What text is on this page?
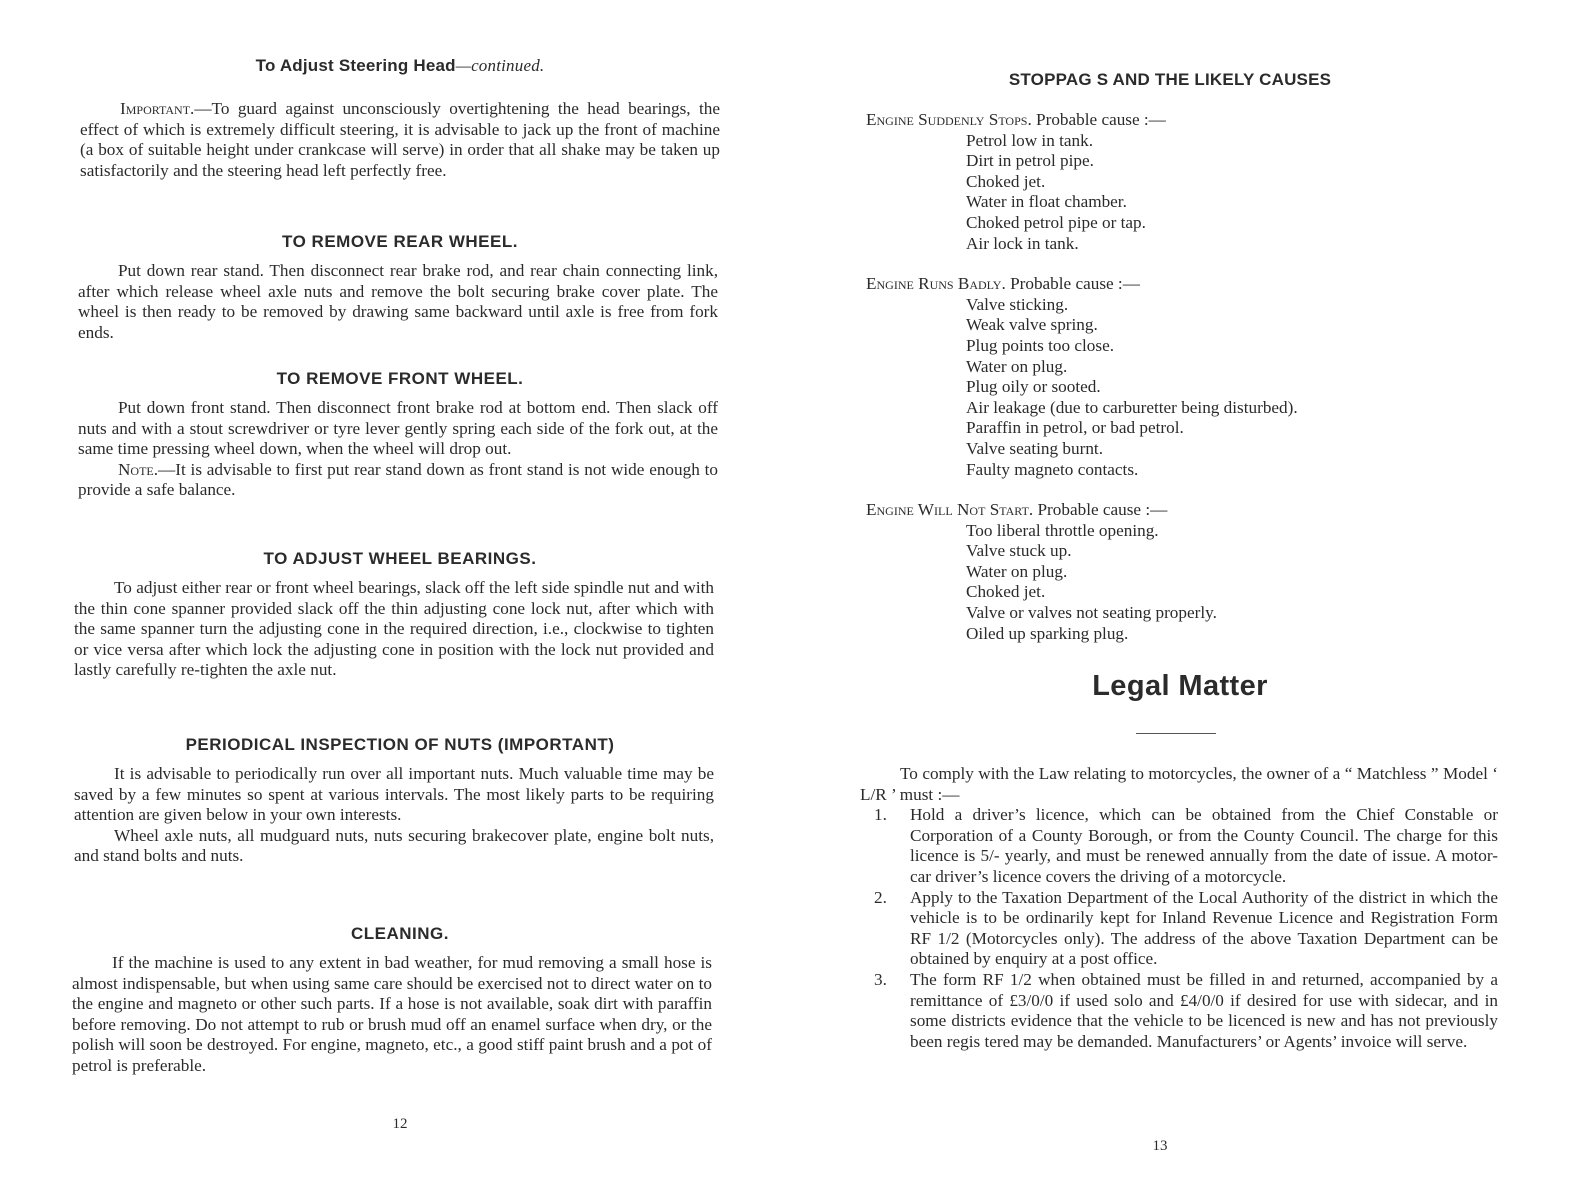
To Adjust Steering Head—continued.

Important.—To guard against unconsciously overtightening the head bearings, the effect of which is extremely difficult steering, it is advisable to jack up the front of machine (a box of suitable height under crankcase will serve) in order that all shake may be taken up satisfactorily and the steering head left perfectly free.

TO REMOVE REAR WHEEL.

Put down rear stand. Then disconnect rear brake rod, and rear chain connecting link, after which release wheel axle nuts and remove the bolt securing brake cover plate. The wheel is then ready to be removed by drawing same backward until axle is free from fork ends.

TO REMOVE FRONT WHEEL.

Put down front stand. Then disconnect front brake rod at bottom end. Then slack off nuts and with a stout screwdriver or tyre lever gently spring each side of the fork out, at the same time pressing wheel down, when the wheel will drop out.

Note.—It is advisable to first put rear stand down as front stand is not wide enough to provide a safe balance.

TO ADJUST WHEEL BEARINGS.

To adjust either rear or front wheel bearings, slack off the left side spindle nut and with the thin cone spanner provided slack off the thin adjusting cone lock nut, after which with the same spanner turn the adjusting cone in the required direction, i.e., clockwise to tighten or vice versa after which lock the adjusting cone in position with the lock nut provided and lastly carefully re-tighten the axle nut.

PERIODICAL INSPECTION OF NUTS (IMPORTANT)

It is advisable to periodically run over all important nuts. Much valuable time may be saved by a few minutes so spent at various intervals. The most likely parts to be requiring attention are given below in your own interests.

Wheel axle nuts, all mudguard nuts, nuts securing brakecover plate, engine bolt nuts, and stand bolts and nuts.

CLEANING.

If the machine is used to any extent in bad weather, for mud removing a small hose is almost indispensable, but when using same care should be exercised not to direct water on to the engine and magneto or other such parts. If a hose is not available, soak dirt with paraffin before removing. Do not attempt to rub or brush mud off an enamel surface when dry, or the polish will soon be destroyed. For engine, magneto, etc., a good stiff paint brush and a pot of petrol is preferable.

12
STOPPAG S AND THE LIKELY CAUSES
Engine Suddenly Stops. Probable cause :—
Petrol low in tank.
Dirt in petrol pipe.
Choked jet.
Water in float chamber.
Choked petrol pipe or tap.
Air lock in tank.
Engine Runs Badly. Probable cause :—
Valve sticking.
Weak valve spring.
Plug points too close.
Water on plug.
Plug oily or sooted.
Air leakage (due to carburetter being disturbed).
Paraffin in petrol, or bad petrol.
Valve seating burnt.
Faulty magneto contacts.
Engine Will Not Start. Probable cause :—
Too liberal throttle opening.
Valve stuck up.
Water on plug.
Choked jet.
Valve or valves not seating properly.
Oiled up sparking plug.
Legal Matter

To comply with the Law relating to motorcycles, the owner of a “ Matchless ” Model ‘ L/R ’ must :—

1. Hold a driver’s licence, which can be obtained from the Chief Constable or Corporation of a County Borough, or from the County Council. The charge for this licence is 5/- yearly, and must be renewed annually from the date of issue. A motor-car driver’s licence covers the driving of a motorcycle.
2. Apply to the Taxation Department of the Local Authority of the district in which the vehicle is to be ordinarily kept for Inland Revenue Licence and Registration Form RF 1/2 (Motorcycles only). The address of the above Taxation Department can be obtained by enquiry at a post office.
3. The form RF 1/2 when obtained must be filled in and returned, accompanied by a remittance of £3/0/0 if used solo and £4/0/0 if desired for use with sidecar, and in some districts evidence that the vehicle to be licenced is new and has not previously been regis tered may be demanded. Manufacturers’ or Agents’ invoice will serve.
13
